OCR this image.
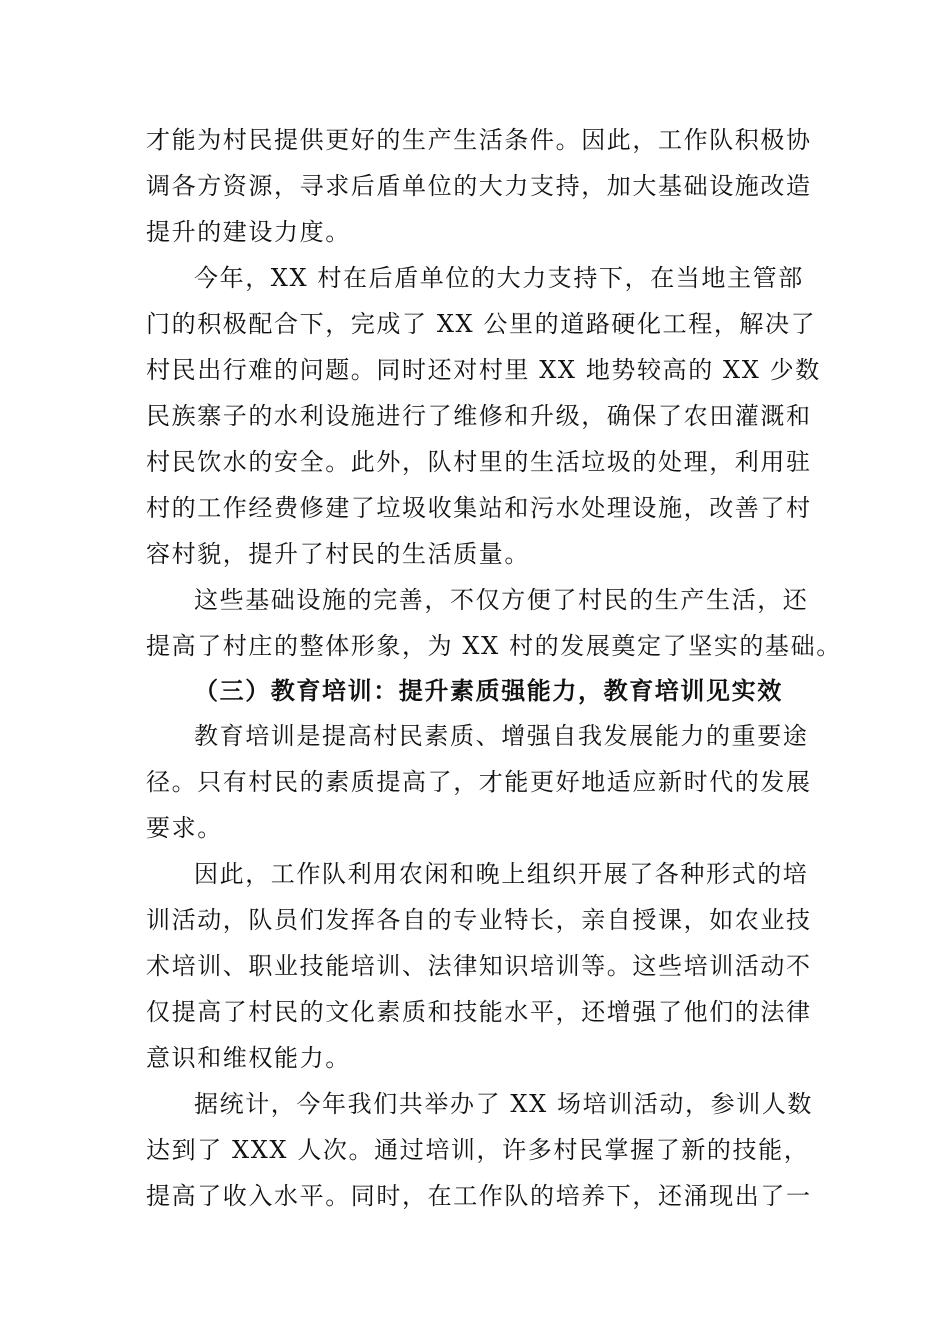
才能为村民提供更好的生产生活条件。因此，工作队积极协
调各方资源，寻求后盾单位的大力支持，加大基础设施改造
提升的建设力度。
今年，XX 村在后盾单位的大力支持下，在当地主管部
门的积极配合下，完成了 XX 公里的道路硬化工程，解决了
村民出行难的问题。同时还对村里 XX 地势较高的 XX 少数
民族寨子的水利设施进行了维修和升级，确保了农田灌溉和
村民饮水的安全。此外，队村里的生活垃圾的处理，利用驻
村的工作经费修建了垃圾收集站和污水处理设施，改善了村
容村貌，提升了村民的生活质量。
这些基础设施的完善，不仅方便了村民的生产生活，还
提高了村庄的整体形象，为 XX 村的发展奠定了坚实的基础。
（三）教育培训：提升素质强能力，教育培训见实效
教育培训是提高村民素质、增强自我发展能力的重要途
径。只有村民的素质提高了，才能更好地适应新时代的发展
要求。
因此，工作队利用农闲和晚上组织开展了各种形式的培
训活动，队员们发挥各自的专业特长，亲自授课，如农业技
术培训、职业技能培训、法律知识培训等。这些培训活动不
仅提高了村民的文化素质和技能水平，还增强了他们的法律
意识和维权能力。
据统计，今年我们共举办了 XX 场培训活动，参训人数
达到了 XXX 人次。通过培训，许多村民掌握了新的技能，
提高了收入水平。同时，在工作队的培养下，还涌现出了一
